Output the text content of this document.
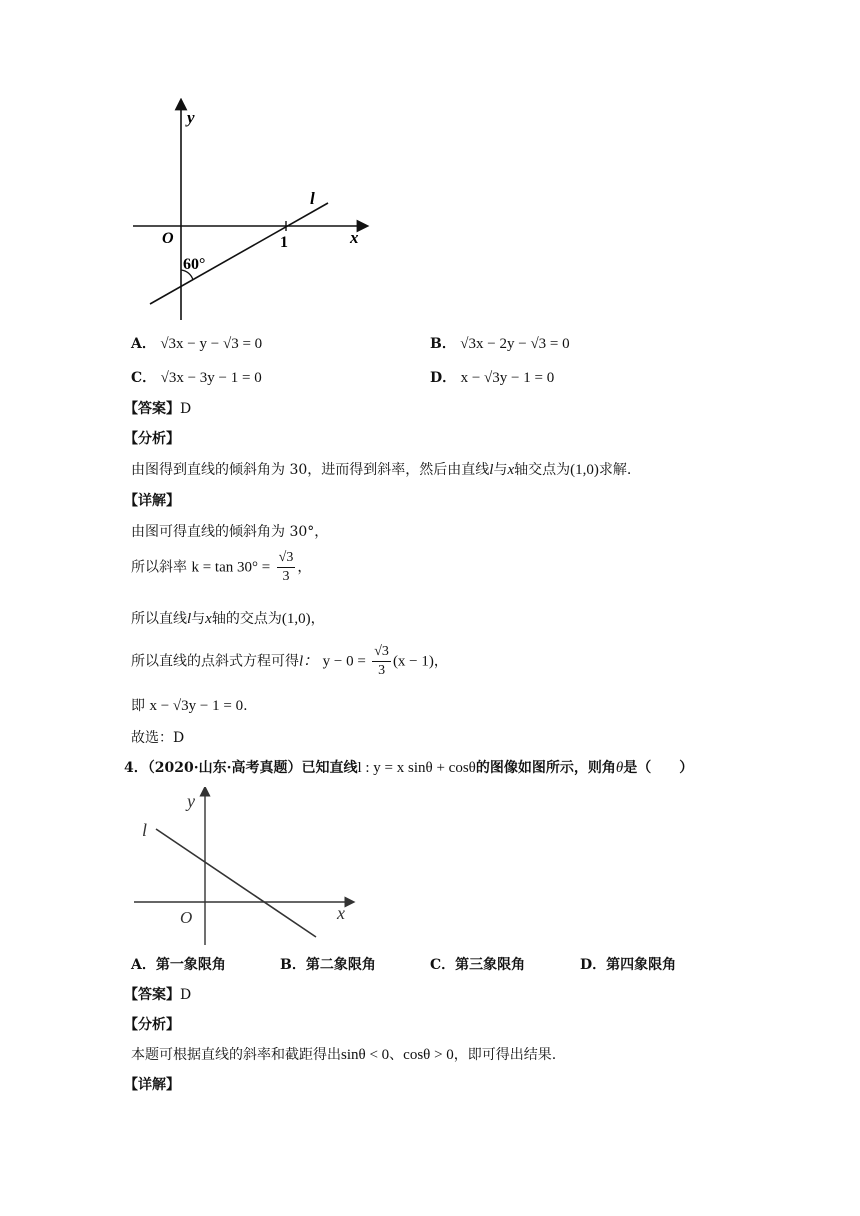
y
x
O	1
l
60°
A． √3x − y − √3 = 0	B． √3x − 2y − √3 = 0
C． √3x − 3y − 1 = 0	D． x − √3y − 1 = 0
【答案】D
【分析】
由图得到直线的倾斜角为 30，进而得到斜率，然后由直线l与x轴交点为(1,0)求解.
【详解】
由图可得直线的倾斜角为 30°，
所以斜率 $k = \tan 30^\circ = \frac{√3}{3}$ ，
所以直线l与x轴的交点为(1,0)，
所以直线的点斜式方程可得l： $y - 0 = \frac{√3}{3} (x - 1)$，
即 x − √3y − 1 = 0.
故选：D
4．（2020·山东·高考真题）已知直线l : y = x sinθ + cosθ的图像如图所示，则角θ是（　　）
y
x
O
l
A．第一象限角	B．第二象限角	C．第三象限角	D．第四象限角
【答案】D
【分析】
本题可根据直线的斜率和截距得出sinθ < 0、cosθ > 0，即可得出结果.
【详解】
